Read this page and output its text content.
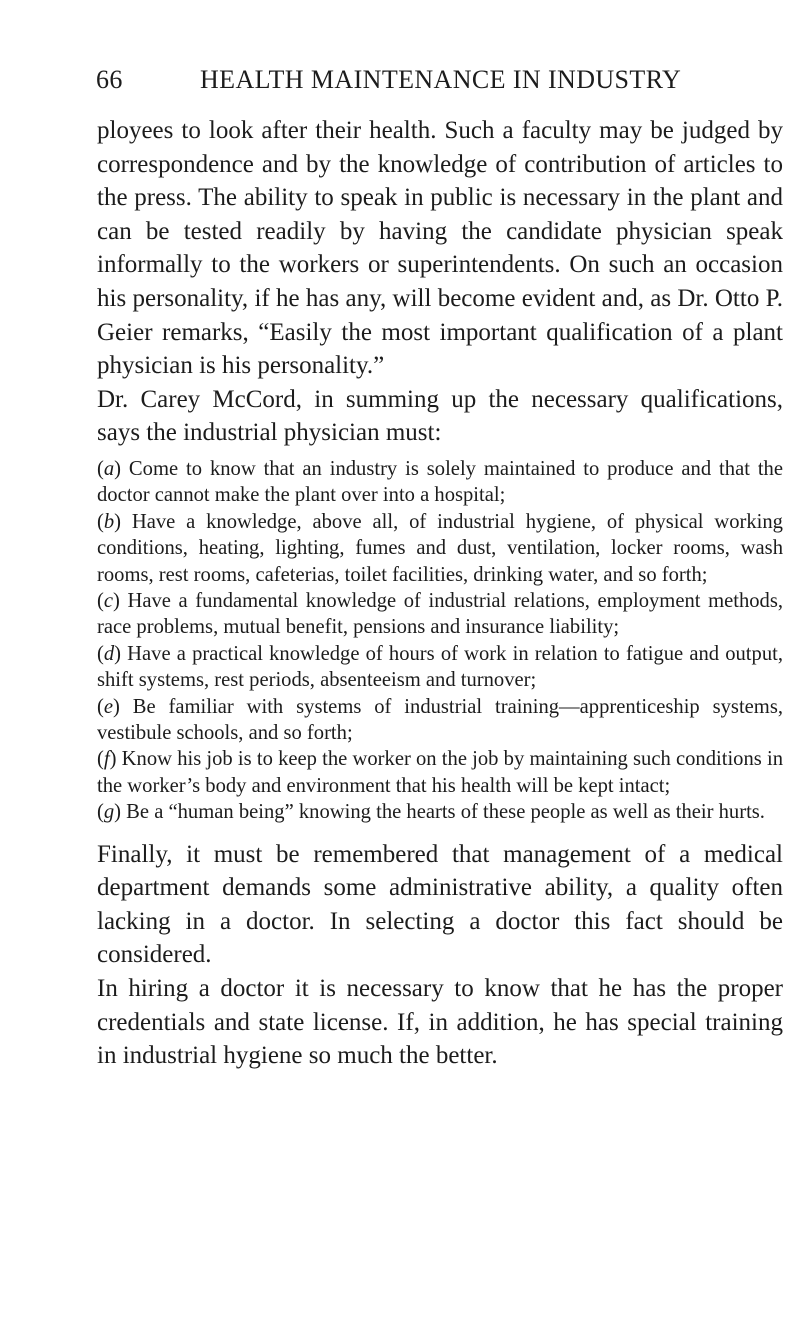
66	HEALTH MAINTENANCE IN INDUSTRY

ployees to look after their health. Such a faculty may be judged by correspondence and by the knowledge of contribution of articles to the press. The ability to speak in public is necessary in the plant and can be tested readily by having the candidate physician speak informally to the workers or superintendents. On such an occasion his personality, if he has any, will become evident and, as Dr. Otto P. Geier remarks, “Easily the most important qualification of a plant physician is his personality.”

Dr. Carey McCord, in summing up the necessary qualifications, says the industrial physician must:

(a) Come to know that an industry is solely maintained to produce and that the doctor cannot make the plant over into a hospital;

(b) Have a knowledge, above all, of industrial hygiene, of physical working conditions, heating, lighting, fumes and dust, ventilation, locker rooms, wash rooms, rest rooms, cafeterias, toilet facilities, drinking water, and so forth;

(c) Have a fundamental knowledge of industrial relations, employment methods, race problems, mutual benefit, pensions and insurance liability;

(d) Have a practical knowledge of hours of work in relation to fatigue and output, shift systems, rest periods, absenteeism and turnover;

(e) Be familiar with systems of industrial training—apprenticeship systems, vestibule schools, and so forth;

(f) Know his job is to keep the worker on the job by maintaining such conditions in the worker’s body and environment that his health will be kept intact;

(g) Be a “human being” knowing the hearts of these people as well as their hurts.

Finally, it must be remembered that management of a medical department demands some administrative ability, a quality often lacking in a doctor. In selecting a doctor this fact should be considered.

In hiring a doctor it is necessary to know that he has the proper credentials and state license. If, in addition, he has special training in industrial hygiene so much the better.
